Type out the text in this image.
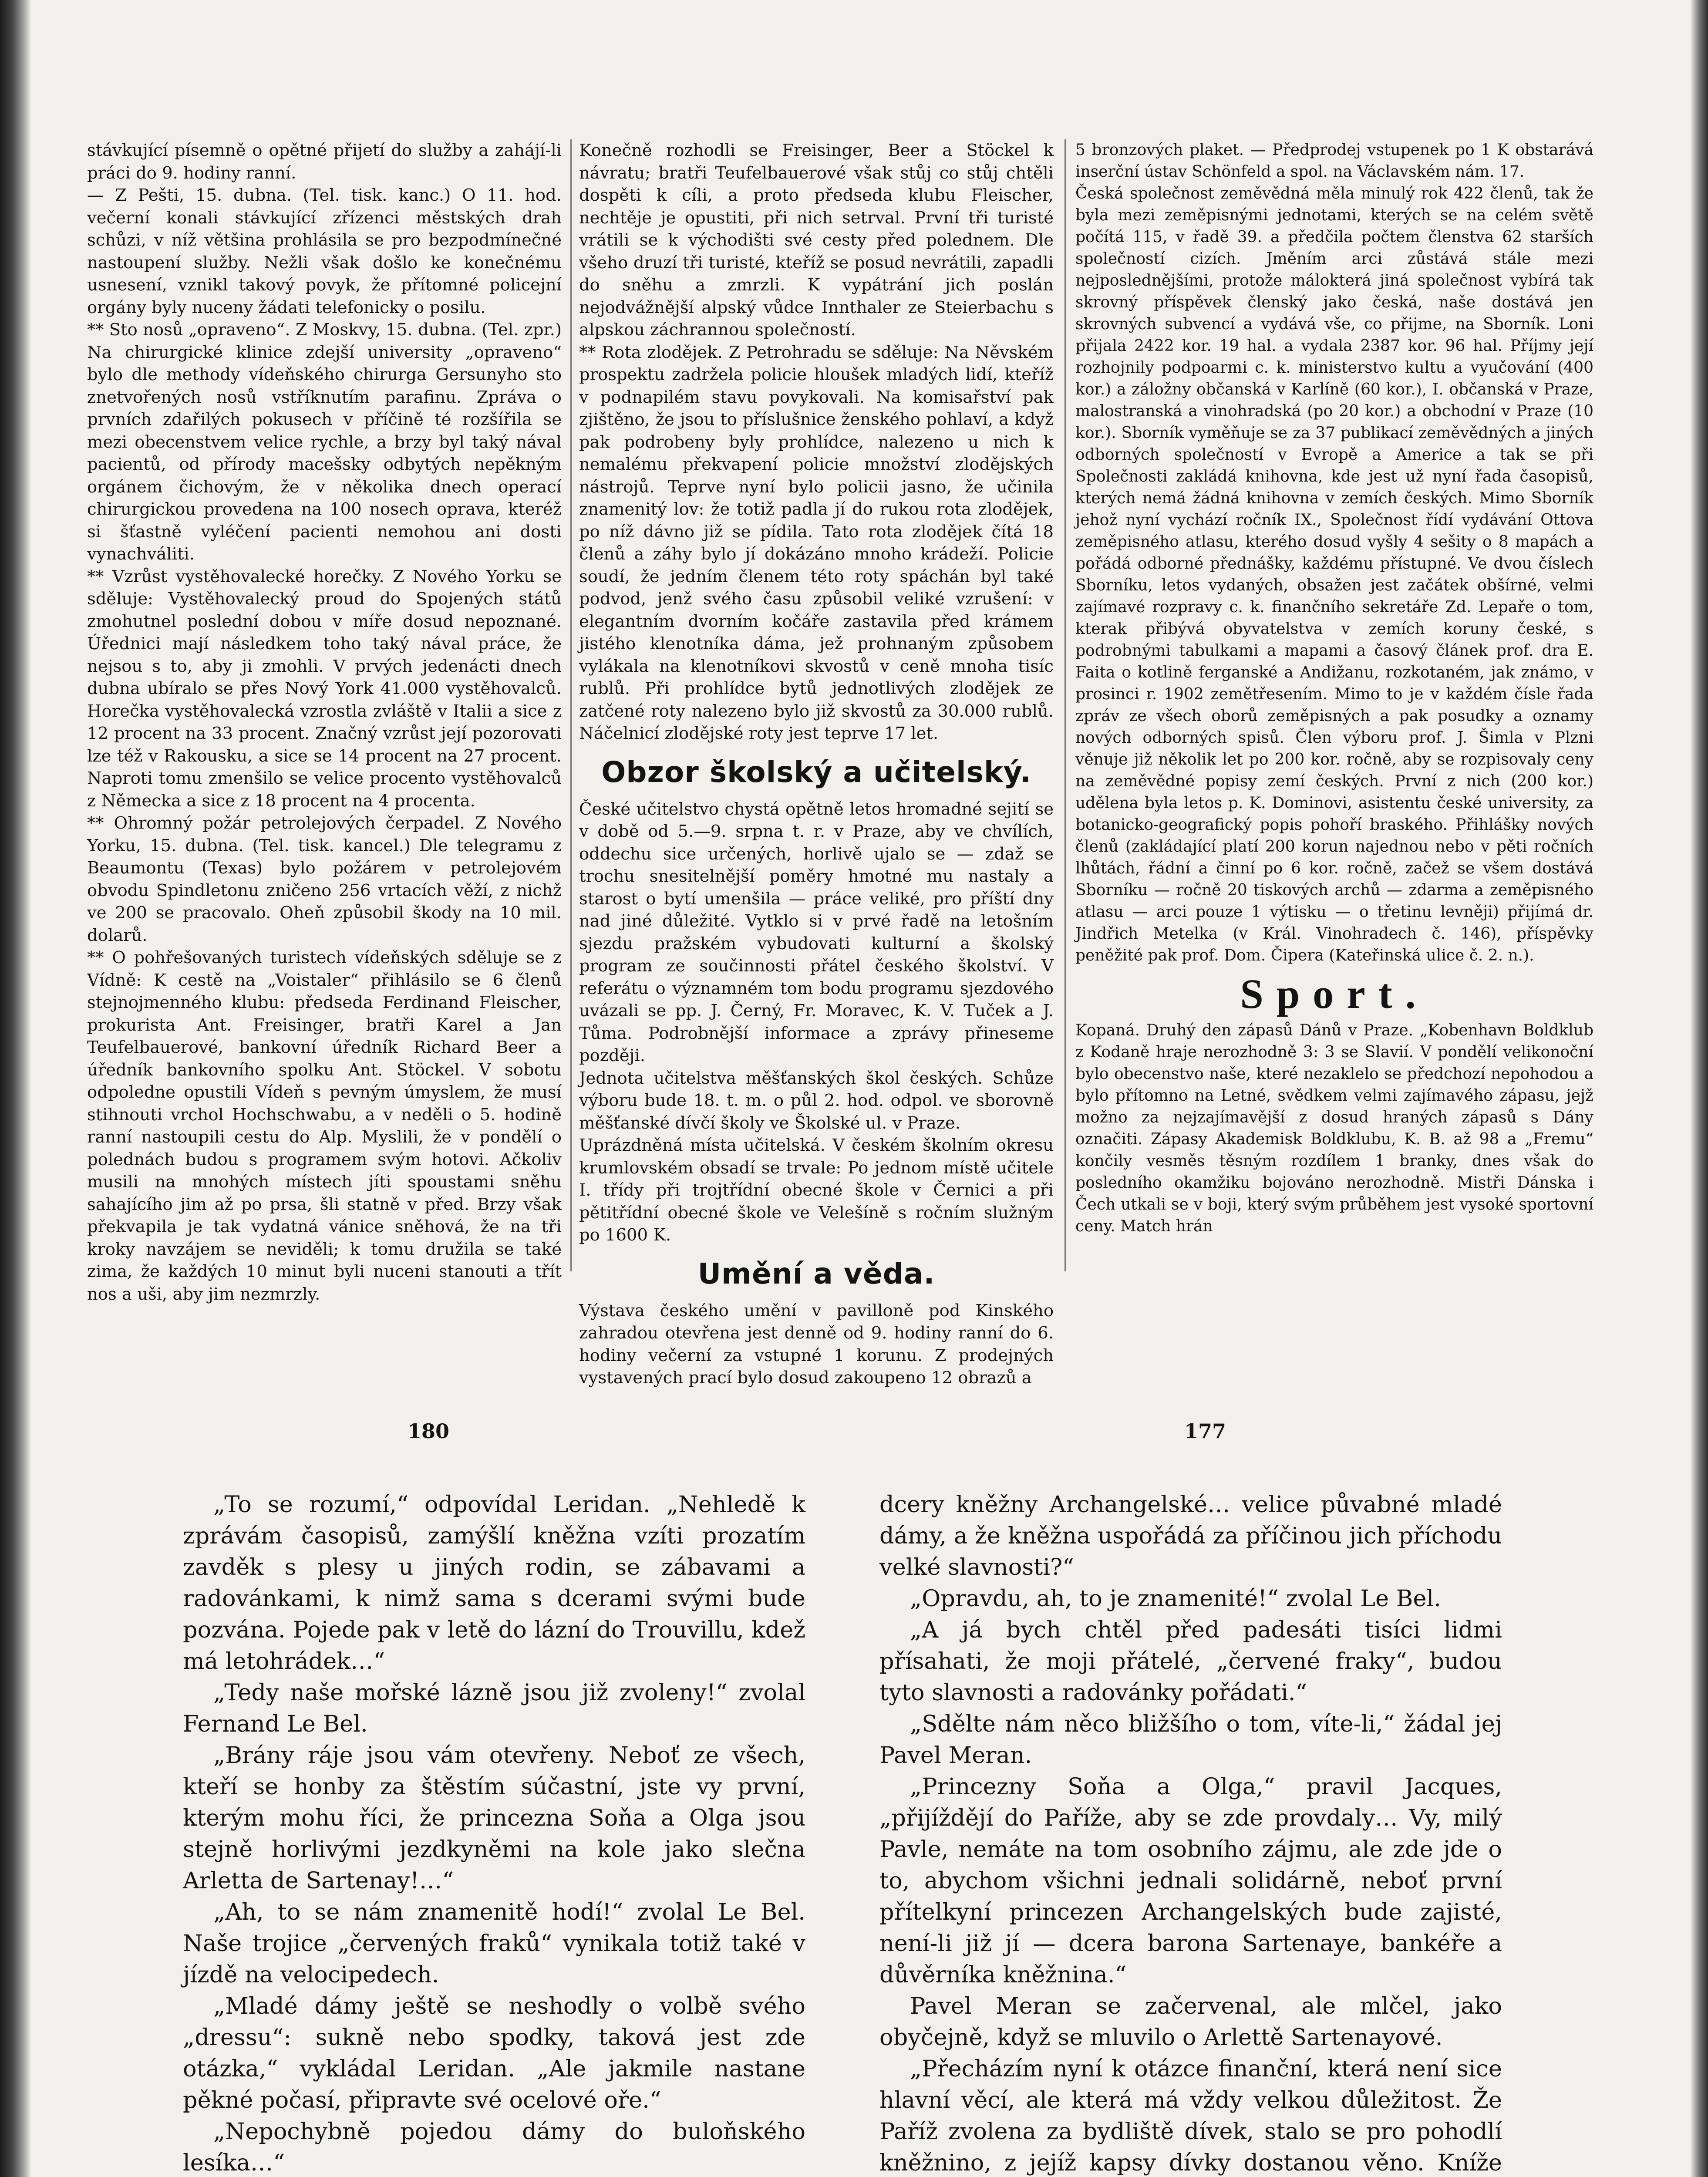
stávkující písemně o opětné přijetí do služby a zahájí-li práci do 9. hodiny ranní.

— Z Pešti, 15. dubna. (Tel. tisk. kanc.) O 11. hod. večerní konali stávkující zřízenci městských drah schůzi, v níž většina prohlásila se pro bezpodmínečné nastoupení služby. Nežli však došlo ke konečnému usnesení, vznikl takový povyk, že přítomné policejní orgány byly nuceny žádati telefonicky o posilu.

** Sto nosů „opraveno“. Z Moskvy, 15. dubna. (Tel. zpr.) Na chirurgické klinice zdejší university „opraveno“ bylo dle methody vídeňského chirurga Gersunyho sto znetvořených nosů vstříknutím parafinu. Zpráva o prvních zdařilých pokusech v příčině té rozšířila se mezi obecenstvem velice rychle, a brzy byl taký nával pacientů, od přírody macešsky odbytých nepěkným orgánem čichovým, že v několika dnech operací chirurgickou provedena na 100 nosech oprava, kteréž si šťastně vyléčení pacienti nemohou ani dosti vynachváliti.

** Vzrůst vystěhovalecké horečky. Z Nového Yorku se sděluje: Vystěhovalecký proud do Spojených států zmohutnel poslední dobou v míře dosud nepoznané. Úřednici mají následkem toho taký nával práce, že nejsou s to, aby ji zmohli. V prvých jedenácti dnech dubna ubíralo se přes Nový York 41.000 vystěhovalců. Horečka vystěhovalecká vzrostla zvláště v Italii a sice z 12 procent na 33 procent. Značný vzrůst její pozorovati lze též v Rakousku, a sice se 14 procent na 27 procent. Naproti tomu zmenšilo se velice procento vystěhovalců z Německa a sice z 18 procent na 4 procenta.

** Ohromný požár petrolejových čerpadel. Z Nového Yorku, 15. dubna. (Tel. tisk. kancel.) Dle telegramu z Beaumontu (Texas) bylo požárem v petrolejovém obvodu Spindletonu zničeno 256 vrtacích věží, z nichž ve 200 se pracovalo. Oheň způsobil škody na 10 mil. dolarů.

** O pohřešovaných turistech vídeňských sděluje se z Vídně: K cestě na „Voistaler“ přihlásilo se 6 členů stejnojmenného klubu: předseda Ferdinand Fleischer, prokurista Ant. Freisinger, bratři Karel a Jan Teufelbauerové, bankovní úředník Richard Beer a úředník bankovního spolku Ant. Stöckel. V sobotu odpoledne opustili Vídeň s pevným úmyslem, že musí stihnouti vrchol Hochschwabu, a v neděli o 5. hodině ranní nastoupili cestu do Alp. Myslili, že v pondělí o polednách budou s programem svým hotovi. Ačkoliv musili na mnohých místech jíti spoustami sněhu sahajícího jim až po prsa, šli statně v před. Brzy však překvapila je tak vydatná vánice sněhová, že na tři kroky navzájem se neviděli; k tomu družila se také zima, že každých 10 minut byli nuceni stanouti a třít nos a uši, aby jim nezmrzly.

Konečně rozhodli se Freisinger, Beer a Stöckel k návratu; bratři Teufelbauerové však stůj co stůj chtěli dospěti k cíli, a proto předseda klubu Fleischer, nechtěje je opustiti, při nich setrval. První tři turisté vrátili se k východišti své cesty před polednem. Dle všeho druzí tři turisté, kteříž se posud nevrátili, zapadli do sněhu a zmrzli. K vypátrání jich poslán nejodvážnější alpský vůdce Innthaler ze Steierbachu s alpskou záchrannou společností.

** Rota zlodějek. Z Petrohradu se sděluje: Na Něvském prospektu zadržela policie hloušek mladých lidí, kteříž v podnapilém stavu povykovali. Na komisařství pak zjištěno, že jsou to příslušnice ženského pohlaví, a když pak podrobeny byly prohlídce, nalezeno u nich k nemalému překvapení policie množství zlodějských nástrojů. Teprve nyní bylo policii jasno, že učinila znamenitý lov: že totiž padla jí do rukou rota zlodějek, po níž dávno již se pídila. Tato rota zlodějek čítá 18 členů a záhy bylo jí dokázáno mnoho krádeží. Policie soudí, že jedním členem této roty spáchán byl také podvod, jenž svého času způsobil veliké vzrušení: v elegantním dvorním kočáře zastavila před krámem jistého klenotníka dáma, jež prohnaným způsobem vylákala na klenotníkovi skvostů v ceně mnoha tisíc rublů. Při prohlídce bytů jednotlivých zlodějek ze zatčené roty nalezeno bylo již skvostů za 30.000 rublů. Náčelnicí zlodějské roty jest teprve 17 let.

Obzor školský a učitelský.

České učitelstvo chystá opětně letos hromadné sejití se v době od 5.—9. srpna t. r. v Praze, aby ve chvílích, oddechu sice určených, horlivě ujalo se — zdaž se trochu snesitelnější poměry hmotné mu nastaly a starost o bytí umenšila — práce veliké, pro příští dny nad jiné důležité. Vytklo si v prvé řadě na letošním sjezdu pražském vybudovati kulturní a školský program ze součinnosti přátel českého školství. V referátu o významném tom bodu programu sjezdového uvázali se pp. J. Černý, Fr. Moravec, K. V. Tuček a J. Tůma. Podrobnější informace a zprávy přineseme později.

Jednota učitelstva měšťanských škol českých. Schůze výboru bude 18. t. m. o půl 2. hod. odpol. ve sborovně měšťanské dívčí školy ve Školské ul. v Praze.

Uprázdněná místa učitelská. V českém školním okresu krumlovském obsadí se trvale: Po jednom místě učitele I. třídy při trojtřídní obecné škole v Černici a při pětitřídní obecné škole ve Velešíně s ročním služným po 1600 K.

Umění a věda.

Výstava českého umění v pavilloně pod Kinského zahradou otevřena jest denně od 9. hodiny ranní do 6. hodiny večerní za vstupné 1 korunu. Z prodejných vystavených prací bylo dosud zakoupeno 12 obrazů a

5 bronzových plaket. — Předprodej vstupenek po 1 K obstarává inserční ústav Schönfeld a spol. na Václavském nám. 17.

Česká společnost zeměvědná měla minulý rok 422 členů, tak že byla mezi zeměpisnými jednotami, kterých se na celém světě počítá 115, v řadě 39. a předčila počtem členstva 62 starších společností cizích. Jměním arci zůstává stále mezi nejposlednějšími, protože málokterá jiná společnost vybírá tak skrovný příspěvek členský jako česká, naše dostává jen skrovných subvencí a vydává vše, co přijme, na Sborník. Loni přijala 2422 kor. 19 hal. a vydala 2387 kor. 96 hal. Příjmy její rozhojnily podpoarmi c. k. ministerstvo kultu a vyučování (400 kor.) a záložny občanská v Karlíně (60 kor.), I. občanská v Praze, malostranská a vinohradská (po 20 kor.) a obchodní v Praze (10 kor.). Sborník vyměňuje se za 37 publikací zeměvědných a jiných odborných společností v Evropě a Americe a tak se při Společnosti zakládá knihovna, kde jest už nyní řada časopisů, kterých nemá žádná knihovna v zemích českých. Mimo Sborník jehož nyní vychází ročník IX., Společnost řídí vydávání Ottova zeměpisného atlasu, kterého dosud vyšly 4 sešity o 8 mapách a pořádá odborné přednášky, každému přístupné. Ve dvou číslech Sborníku, letos vydaných, obsažen jest začátek obšírné, velmi zajímavé rozpravy c. k. finančního sekretáře Zd. Lepaře o tom, kterak přibývá obyvatelstva v zemích koruny české, s podrobnými tabulkami a mapami a časový článek prof. dra E. Faita o kotlině ferganské a Andižanu, rozkotaném, jak známo, v prosinci r. 1902 zemětřesením. Mimo to je v každém čísle řada zpráv ze všech oborů zeměpisných a pak posudky a oznamy nových odborných spisů. Člen výboru prof. J. Šimla v Plzni věnuje již několik let po 200 kor. ročně, aby se rozpisovaly ceny na zeměvědné popisy zemí českých. První z nich (200 kor.) udělena byla letos p. K. Dominovi, asistentu české university, za botanicko-geografický popis pohoří braského. Přihlášky nových členů (zakládající platí 200 korun najednou nebo v pěti ročních lhůtách, řádní a činní po 6 kor. ročně, začež se všem dostává Sborníku — ročně 20 tiskových archů — zdarma a zeměpisného atlasu — arci pouze 1 výtisku — o třetinu levněji) přijímá dr. Jindřich Metelka (v Král. Vinohradech č. 146), příspěvky peněžité pak prof. Dom. Čipera (Kateřinská ulice č. 2. n.).

Sport.

Kopaná. Druhý den zápasů Dánů v Praze. „Kobenhavn Boldklub z Kodaně hraje nerozhodně 3: 3 se Slavií. V pondělí velikonoční bylo obecenstvo naše, které nezaklelo se předchozí nepohodou a bylo přítomno na Letné, svědkem velmi zajímavého zápasu, jejž možno za nejzajímavější z dosud hraných zápasů s Dány označiti. Zápasy Akademisk Boldklubu, K. B. až 98 a „Fremu“ končily vesměs těsným rozdílem 1 branky, dnes však do posledního okamžiku bojováno nerozhodně. Mistři Dánska i Čech utkali se v boji, který svým průběhem jest vysoké sportovní ceny. Match hrán

180	177

„To se rozumí,“ odpovídal Leridan. „Nehledě k zprávám časopisů, zamýšlí kněžna vzíti prozatím zavděk s plesy u jiných rodin, se zábavami a radovánkami, k nimž sama s dcerami svými bude pozvána. Pojede pak v letě do lázní do Trouvillu, kdež má letohrádek…“

„Tedy naše mořské lázně jsou již zvoleny!“ zvolal Fernand Le Bel.

„Brány ráje jsou vám otevřeny. Neboť ze všech, kteří se honby za štěstím súčastní, jste vy první, kterým mohu říci, že princezna Soňa a Olga jsou stejně horlivými jezdkyněmi na kole jako slečna Arletta de Sartenay!…“

„Ah, to se nám znamenitě hodí!“ zvolal Le Bel. Naše trojice „červených fraků“ vynikala totiž také v jízdě na velocipedech.

„Mladé dámy ještě se neshodly o volbě svého „dressu“: sukně nebo spodky, taková jest zde otázka,“ vykládal Leridan. „Ale jakmile nastane pěkné počasí, připravte své ocelové oře.“

„Nepochybně pojedou dámy do buloňského lesíka…“

dcery kněžny Archangelské… velice půvabné mladé dámy, a že kněžna uspořádá za příčinou jich příchodu velké slavnosti?“

„Opravdu, ah, to je znamenité!“ zvolal Le Bel.

„A já bych chtěl před padesáti tisíci lidmi přísahati, že moji přátelé, „červené fraky“, budou tyto slavnosti a radovánky pořádati.“

„Sdělte nám něco bližšího o tom, víte-li,“ žádal jej Pavel Meran.

„Princezny Soňa a Olga,“ pravil Jacques, „přijíždějí do Paříže, aby se zde provdaly… Vy, milý Pavle, nemáte na tom osobního zájmu, ale zde jde o to, abychom všichni jednali solidárně, neboť první přítelkyní princezen Archangelských bude zajisté, není-li již jí — dcera barona Sartenaye, bankéře a důvěrníka kněžnina.“

Pavel Meran se začervenal, ale mlčel, jako obyčejně, když se mluvilo o Arlettě Sartenayové.

„Přecházím nyní k otázce finanční, která není sice hlavní věcí, ale která má vždy velkou důležitost. Že Paříž zvolena za bydliště dívek, stalo se pro pohodlí kněžnino, z jejíž kapsy dívky dostanou věno. Kníže
